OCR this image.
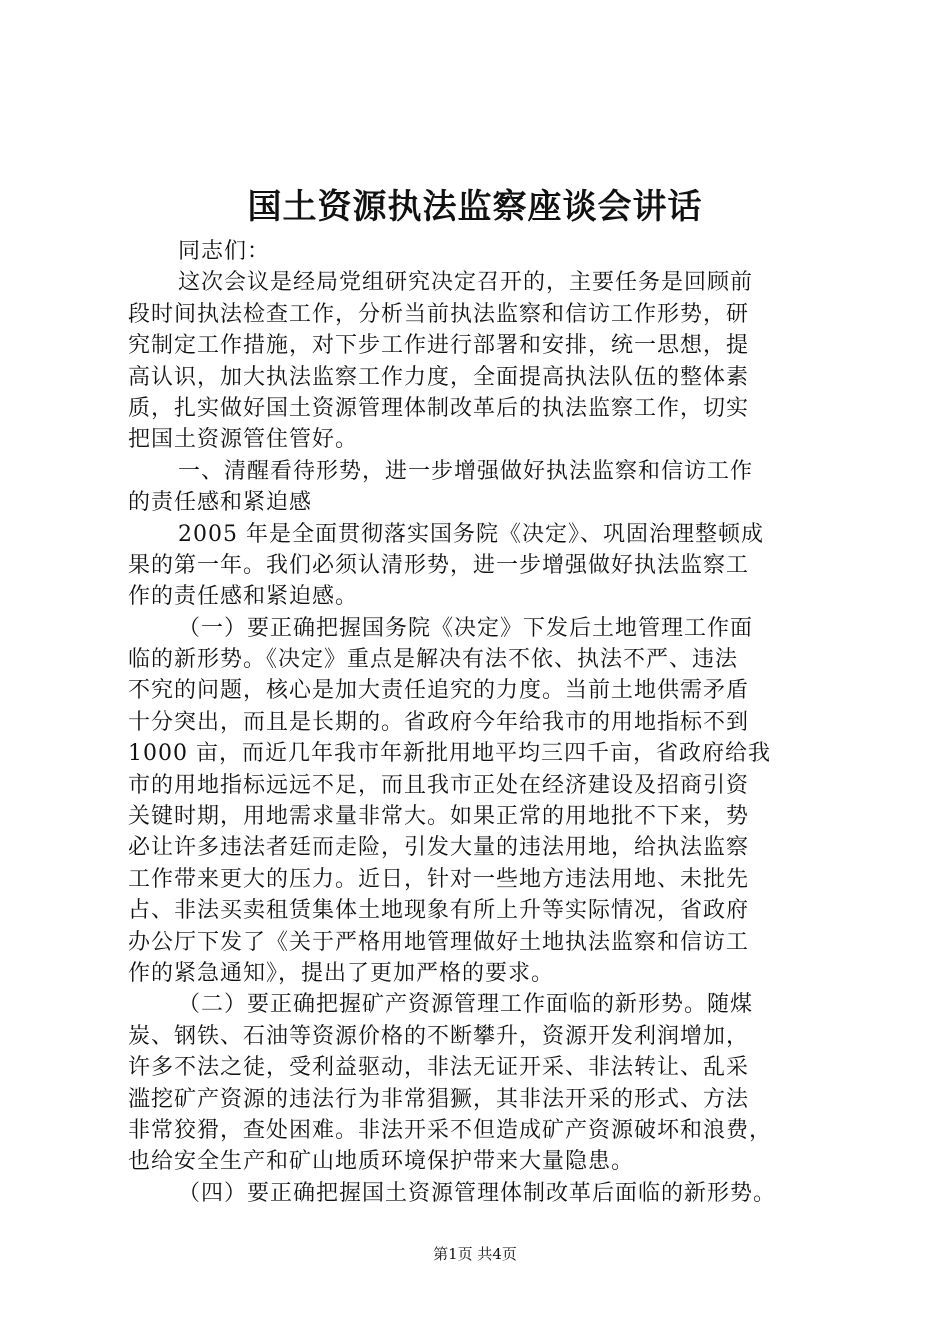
国土资源执法监察座谈会讲话
同志们：
这次会议是经局党组研究决定召开的，主要任务是回顾前
段时间执法检查工作，分析当前执法监察和信访工作形势，研
究制定工作措施，对下步工作进行部署和安排，统一思想，提
高认识，加大执法监察工作力度，全面提高执法队伍的整体素
质，扎实做好国土资源管理体制改革后的执法监察工作，切实
把国土资源管住管好。
一、清醒看待形势，进一步增强做好执法监察和信访工作
的责任感和紧迫感
2005 年是全面贯彻落实国务院《决定》、巩固治理整顿成
果的第一年。我们必须认清形势，进一步增强做好执法监察工
作的责任感和紧迫感。
（一）要正确把握国务院《决定》下发后土地管理工作面
临的新形势。《决定》重点是解决有法不依、执法不严、违法
不究的问题，核心是加大责任追究的力度。当前土地供需矛盾
十分突出，而且是长期的。省政府今年给我市的用地指标不到
1000 亩，而近几年我市年新批用地平均三四千亩，省政府给我
市的用地指标远远不足，而且我市正处在经济建设及招商引资
关键时期，用地需求量非常大。如果正常的用地批不下来，势
必让许多违法者廷而走险，引发大量的违法用地，给执法监察
工作带来更大的压力。近日，针对一些地方违法用地、未批先
占、非法买卖租赁集体土地现象有所上升等实际情况，省政府
办公厅下发了《关于严格用地管理做好土地执法监察和信访工
作的紧急通知》，提出了更加严格的要求。
（二）要正确把握矿产资源管理工作面临的新形势。随煤
炭、钢铁、石油等资源价格的不断攀升，资源开发利润增加，
许多不法之徒，受利益驱动，非法无证开采、非法转让、乱采
滥挖矿产资源的违法行为非常猖獗，其非法开采的形式、方法
非常狡猾，查处困难。非法开采不但造成矿产资源破坏和浪费，
也给安全生产和矿山地质环境保护带来大量隐患。
（四）要正确把握国土资源管理体制改革后面临的新形势。
第1页 共4页
